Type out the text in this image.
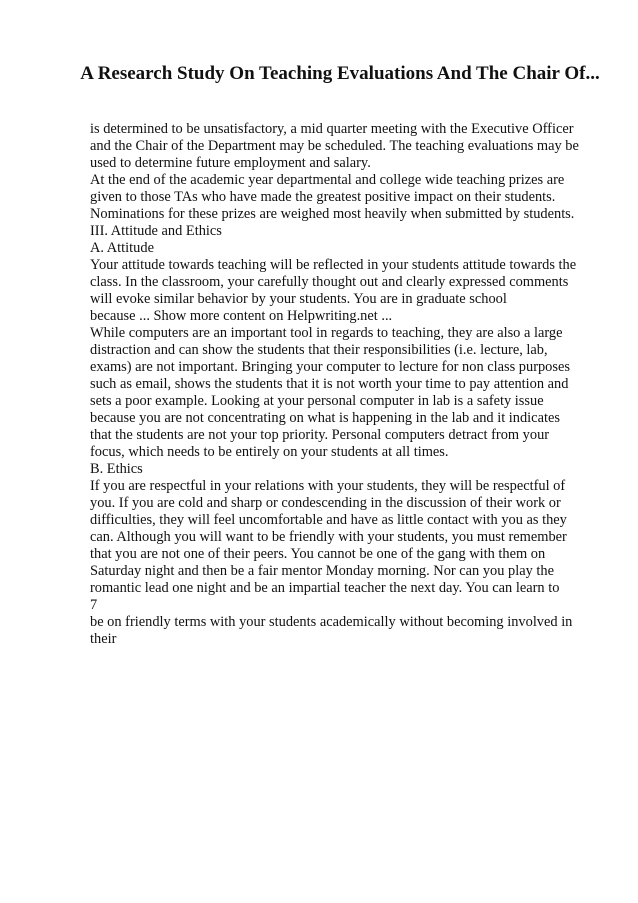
A Research Study On Teaching Evaluations And The Chair Of...
is determined to be unsatisfactory, a mid quarter meeting with the Executive Officer
and the Chair of the Department may be scheduled. The teaching evaluations may be
used to determine future employment and salary.
At the end of the academic year departmental and college wide teaching prizes are
given to those TAs who have made the greatest positive impact on their students.
Nominations for these prizes are weighed most heavily when submitted by students.
III. Attitude and Ethics
A. Attitude
Your attitude towards teaching will be reflected in your students attitude towards the
class. In the classroom, your carefully thought out and clearly expressed comments
will evoke similar behavior by your students. You are in graduate school
because ... Show more content on Helpwriting.net ...
While computers are an important tool in regards to teaching, they are also a large
distraction and can show the students that their responsibilities (i.e. lecture, lab,
exams) are not important. Bringing your computer to lecture for non class purposes
such as email, shows the students that it is not worth your time to pay attention and
sets a poor example. Looking at your personal computer in lab is a safety issue
because you are not concentrating on what is happening in the lab and it indicates
that the students are not your top priority. Personal computers detract from your
focus, which needs to be entirely on your students at all times.
B. Ethics
If you are respectful in your relations with your students, they will be respectful of
you. If you are cold and sharp or condescending in the discussion of their work or
difficulties, they will feel uncomfortable and have as little contact with you as they
can. Although you will want to be friendly with your students, you must remember
that you are not one of their peers. You cannot be one of the gang with them on
Saturday night and then be a fair mentor Monday morning. Nor can you play the
romantic lead one night and be an impartial teacher the next day. You can learn to
7
be on friendly terms with your students academically without becoming involved in
their
